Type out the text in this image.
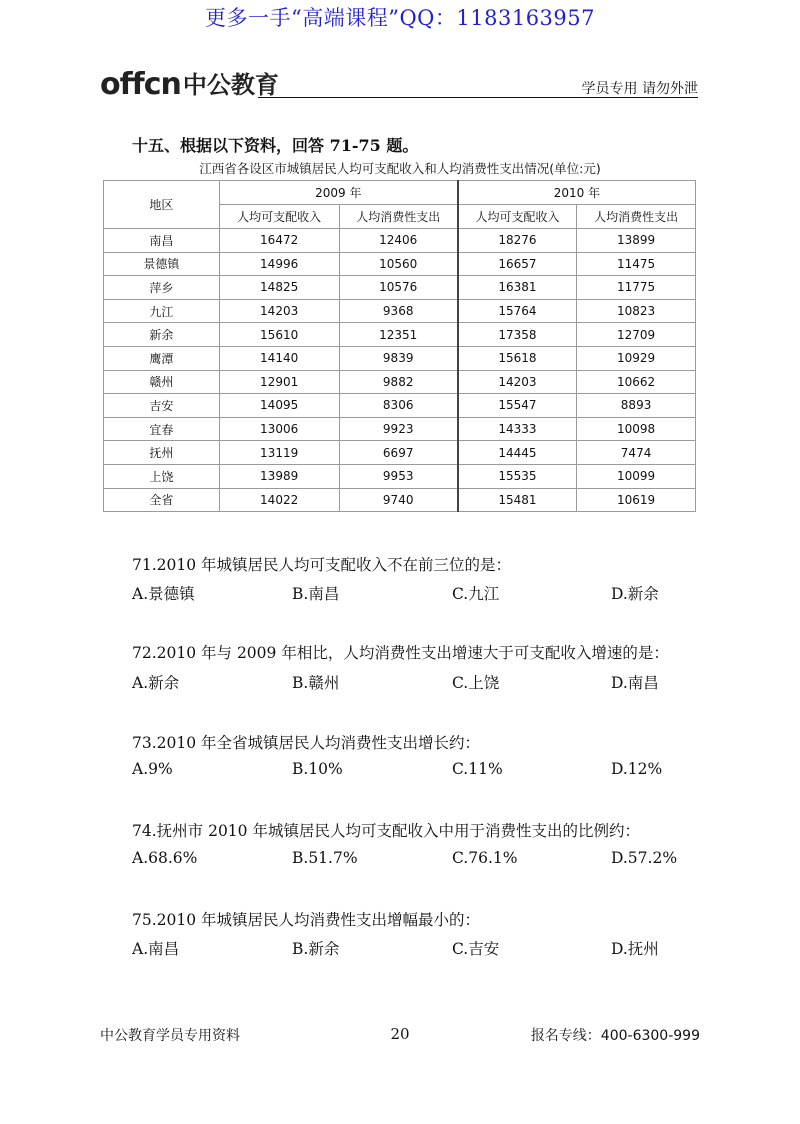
更多一手“高端课程”QQ：1183163957
offcn 中公教育	学员专用 请勿外泄
十五、根据以下资料，回答 71-75 题。
江西省各设区市城镇居民人均可支配收入和人均消费性支出情况(单位:元)
地区	2009 年		2010 年	
	人均可支配收入	人均消费性支出	人均可支配收入	人均消费性支出
南昌	16472	12406	18276	13899
景德镇	14996	10560	16657	11475
萍乡	14825	10576	16381	11775
九江	14203	9368	15764	10823
新余	15610	12351	17358	12709
鹰潭	14140	9839	15618	10929
赣州	12901	9882	14203	10662
吉安	14095	8306	15547	8893
宜春	13006	9923	14333	10098
抚州	13119	6697	14445	7474
上饶	13989	9953	15535	10099
全省	14022	9740	15481	10619
71.2010 年城镇居民人均可支配收入不在前三位的是：
A.景德镇	B.南昌	C.九江	D.新余
72.2010 年与 2009 年相比，人均消费性支出增速大于可支配收入增速的是：
A.新余	B.赣州	C.上饶	D.南昌
73.2010 年全省城镇居民人均消费性支出增长约：
A.9%	B.10%	C.11%	D.12%
74.抚州市 2010 年城镇居民人均可支配收入中用于消费性支出的比例约：
A.68.6%	B.51.7%	C.76.1%	D.57.2%
75.2010 年城镇居民人均消费性支出增幅最小的：
A.南昌	B.新余	C.吉安	D.抚州
中公教育学员专用资料	20	报名专线：400-6300-999
